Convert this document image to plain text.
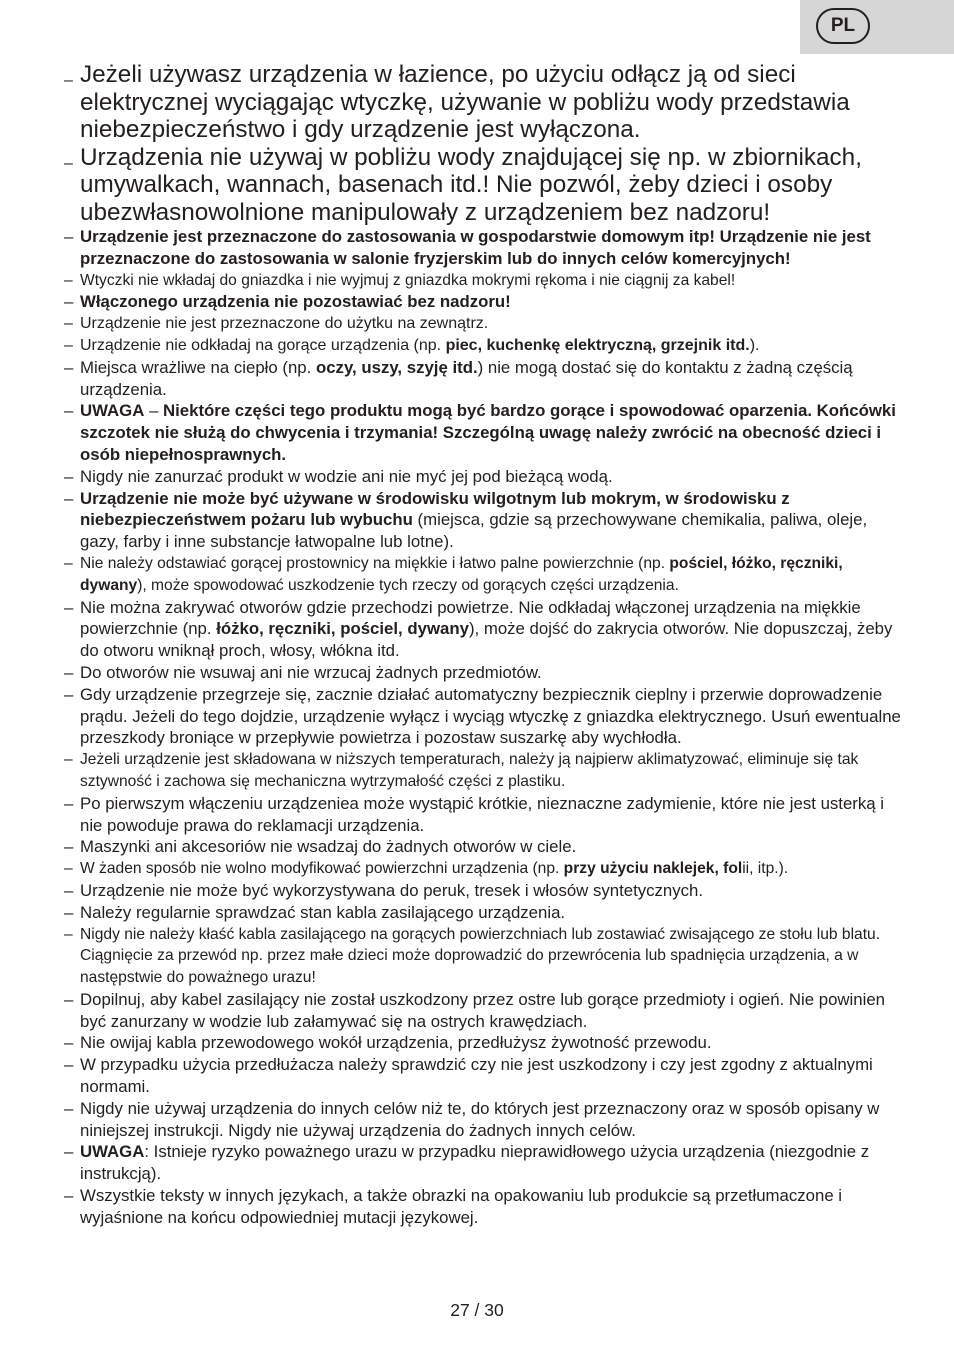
PL
– Jeżeli używasz urządzenia w łazience, po użyciu odłącz ją od sieci elektrycznej wyciągając wtyczkę, używanie w pobliżu wody przedstawia niebezpieczeństwo i gdy urządzenie jest wyłączona.
– Urządzenia nie używaj w pobliżu wody znajdującej się np. w zbiornikach, umywalkach, wannach, basenach itd.! Nie pozwól, żeby dzieci i osoby ubezwłasnowolnione manipulowały z urządzeniem bez nadzoru!
– Urządzenie jest przeznaczone do zastosowania w gospodarstwie domowym itp! Urządzenie nie jest przeznaczone do zastosowania w salonie fryzjerskim lub do innych celów komercyjnych!
– Wtyczki nie wkładaj do gniazdka i nie wyjmuj z gniazdka mokrymi rękoma i nie ciągnij za kabel!
– Włączonego urządzenia nie pozostawiać bez nadzoru!
– Urządzenie nie jest przeznaczone do użytku na zewnątrz.
– Urządzenie nie odkładaj na gorące urządzenia (np. piec, kuchenkę elektryczną, grzejnik itd.).
– Miejsca wrażliwe na ciepło (np. oczy, uszy, szyję itd.) nie mogą dostać się do kontaktu z żadną częścią urządzenia.
– UWAGA – Niektóre części tego produktu mogą być bardzo gorące i spowodować oparzenia. Końcówki szczotek nie służą do chwycenia i trzymania! Szczególną uwagę należy zwrócić na obecność dzieci i osób niepełnosprawnych.
– Nigdy nie zanurzać produkt w wodzie ani nie myć jej pod bieżącą wodą.
– Urządzenie nie może być używane w środowisku wilgotnym lub mokrym, w środowisku z niebezpieczeństwem pożaru lub wybuchu (miejsca, gdzie są przechowywane chemikalia, paliwa, oleje, gazy, farby i inne substancje łatwopalne lub lotne).
– Nie należy odstawiać gorącej prostownicy na miękkie i łatwo palne powierzchnie (np. pościel, łóżko, ręczniki, dywany), może spowodować uszkodzenie tych rzeczy od gorących części urządzenia.
– Nie można zakrywać otworów gdzie przechodzi powietrze. Nie odkładaj włączonej urządzenia na miękkie powierzchnie (np. łóżko, ręczniki, pościel, dywany), może dojść do zakrycia otworów. Nie dopuszczaj, żeby do otworu wniknął proch, włosy, włókna itd.
– Do otworów nie wsuwaj ani nie wrzucaj żadnych przedmiotów.
– Gdy urządzenie przegrzeje się, zacznie działać automatyczny bezpiecznik cieplny i przerwie doprowadzenie prądu. Jeżeli do tego dojdzie, urządzenie wyłącz i wyciąg wtyczkę z gniazdka elektrycznego. Usuń ewentualne przeszkody broniące w przepływie powietrza i pozostaw suszarkę aby wychłodła.
– Jeżeli urządzenie jest składowana w niższych temperaturach, należy ją najpierw aklimatyzować, eliminuje się tak sztywność i zachowa się mechaniczna wytrzymałość części z plastiku.
– Po pierwszym włączeniu urządzeniea może wystąpić krótkie, nieznaczne zadymienie, które nie jest usterką i nie powoduje prawa do reklamacji urządzenia.
– Maszynki ani akcesoriów nie wsadzaj do żadnych otworów w ciele.
– W żaden sposób nie wolno modyfikować powierzchni urządzenia (np. przy użyciu naklejek, folii, itp.).
– Urządzenie nie może być wykorzystywana do peruk, tresek i włosów syntetycznych.
– Należy regularnie sprawdzać stan kabla zasilającego urządzenia.
– Nigdy nie należy kłaść kabla zasilającego na gorących powierzchniach lub zostawiać zwisającego ze stołu lub blatu. Ciągnięcie za przewód np. przez małe dzieci może doprowadzić do przewrócenia lub spadnięcia urządzenia, a w następstwie do poważnego urazu!
– Dopilnuj, aby kabel zasilający nie został uszkodzony przez ostre lub gorące przedmioty i ogień. Nie powinien być zanurzany w wodzie lub załamywać się na ostrych krawędziach.
– Nie owijaj kabla przewodowego wokół urządzenia, przedłużysz żywotność przewodu.
– W przypadku użycia przedłużacza należy sprawdzić czy nie jest uszkodzony i czy jest zgodny z aktualnymi normami.
– Nigdy nie używaj urządzenia do innych celów niż te, do których jest przeznaczony oraz w sposób opisany w niniejszej instrukcji. Nigdy nie używaj urządzenia do żadnych innych celów.
– UWAGA: Istnieje ryzyko poważnego urazu w przypadku nieprawidłowego użycia urządzenia (niezgodnie z instrukcją).
– Wszystkie teksty w innych językach, a także obrazki na opakowaniu lub produkcie są przetłumaczone i wyjaśnione na końcu odpowiedniej mutacji językowej.
27 / 30
